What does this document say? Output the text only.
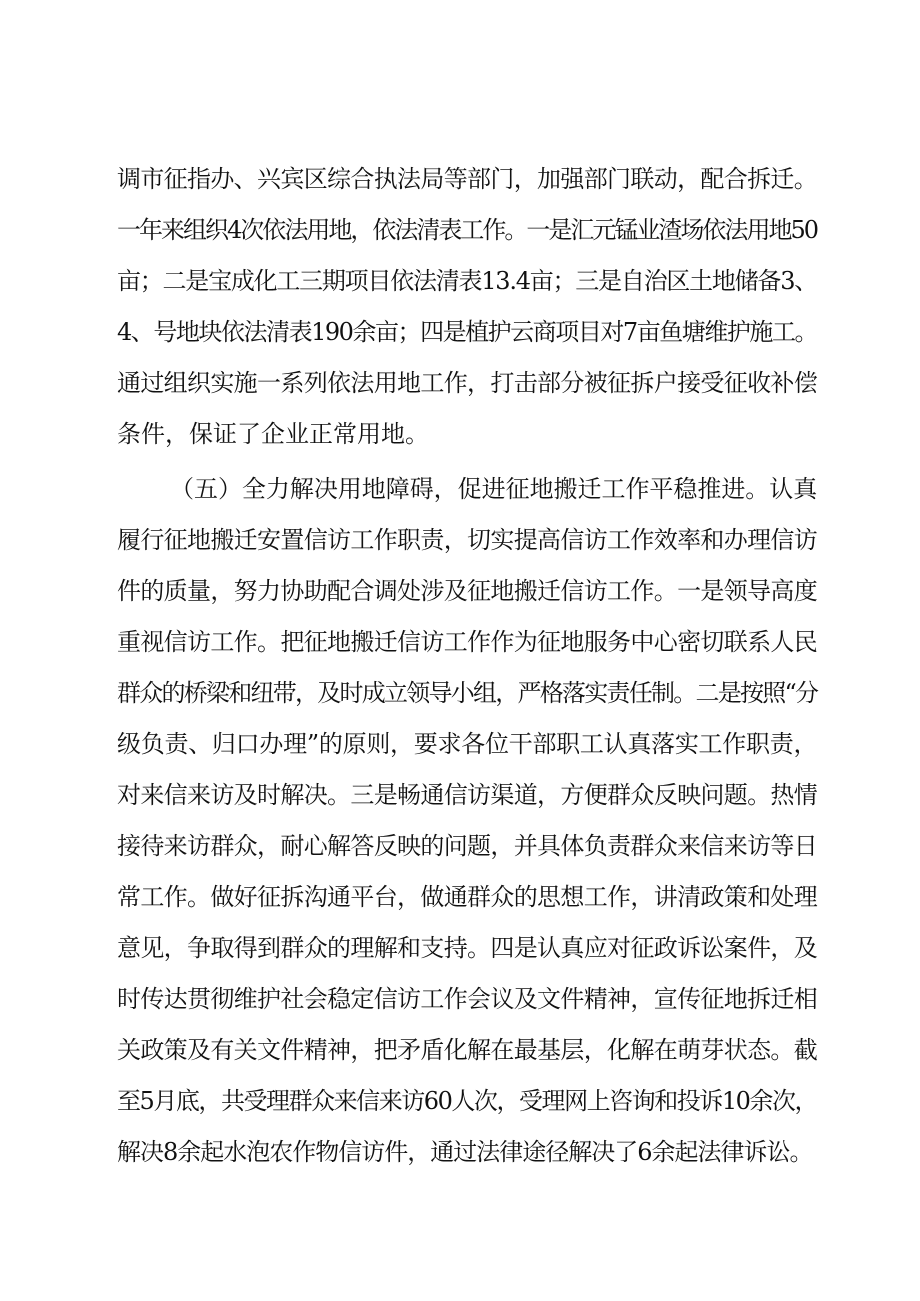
调市征指办、兴宾区综合执法局等部门，加强部门联动，配合拆迁。
一年来组织4次依法用地，依法清表工作。一是汇元锰业渣场依法用地50
亩；二是宝成化工三期项目依法清表13.4亩；三是自治区土地储备3、
4、号地块依法清表190余亩；四是植护云商项目对7亩鱼塘维护施工。
通过组织实施一系列依法用地工作，打击部分被征拆户接受征收补偿
条件，保证了企业正常用地。
（五）全力解决用地障碍，促进征地搬迁工作平稳推进。认真
履行征地搬迁安置信访工作职责，切实提高信访工作效率和办理信访
件的质量，努力协助配合调处涉及征地搬迁信访工作。一是领导高度
重视信访工作。把征地搬迁信访工作作为征地服务中心密切联系人民
群众的桥梁和纽带，及时成立领导小组，严格落实责任制。二是按照“分
级负责、归口办理”的原则，要求各位干部职工认真落实工作职责，
对来信来访及时解决。三是畅通信访渠道，方便群众反映问题。热情
接待来访群众，耐心解答反映的问题，并具体负责群众来信来访等日
常工作。做好征拆沟通平台，做通群众的思想工作，讲清政策和处理
意见，争取得到群众的理解和支持。四是认真应对征政诉讼案件，及
时传达贯彻维护社会稳定信访工作会议及文件精神，宣传征地拆迁相
关政策及有关文件精神，把矛盾化解在最基层，化解在萌芽状态。截
至5月底，共受理群众来信来访60人次，受理网上咨询和投诉10余次，
解决8余起水泡农作物信访件，通过法律途径解决了6余起法律诉讼。
